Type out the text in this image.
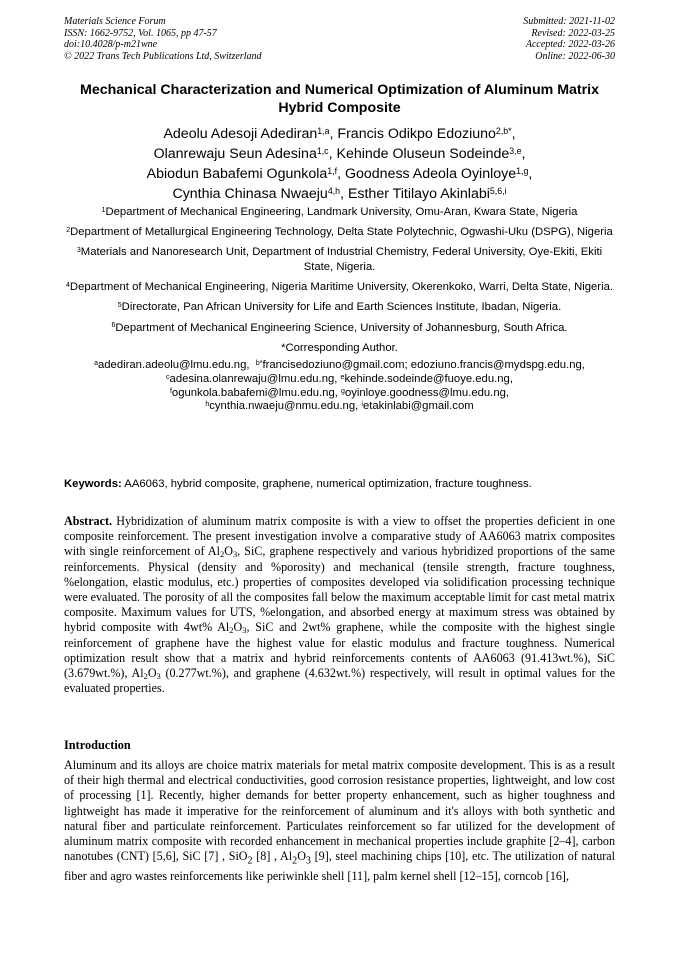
Materials Science Forum
ISSN: 1662-9752, Vol. 1065, pp 47-57
doi:10.4028/p-m21wne
© 2022 Trans Tech Publications Ltd, Switzerland
Submitted: 2021-11-02
Revised: 2022-03-25
Accepted: 2022-03-26
Online: 2022-06-30
Mechanical Characterization and Numerical Optimization of Aluminum Matrix Hybrid Composite
Adeolu Adesoji Adediran$^{1,a}$, Francis Odikpo Edoziuno$^{2,b*}$,
Olanrewaju Seun Adesina$^{1,c}$, Kehinde Oluseun Sodeinde$^{3,e}$,
Abiodun Babafemi Ogunkola$^{1,f}$, Goodness Adeola Oyinloye$^{1,g}$,
Cynthia Chinasa Nwaeju$^{4,h}$, Esther Titilayo Akinlabi$^{5,6,i}$
$^1$Department of Mechanical Engineering, Landmark University, Omu-Aran, Kwara State, Nigeria
$^2$Department of Metallurgical Engineering Technology, Delta State Polytechnic, Ogwashi-Uku (DSPG), Nigeria
$^3$Materials and Nanoresearch Unit, Department of Industrial Chemistry, Federal University, Oye-Ekiti, Ekiti State, Nigeria.
$^4$Department of Mechanical Engineering, Nigeria Maritime University, Okerenkoko, Warri, Delta State, Nigeria.
$^5$Directorate, Pan African University for Life and Earth Sciences Institute, Ibadan, Nigeria.
$^6$Department of Mechanical Engineering Science, University of Johannesburg, South Africa.
*Corresponding Author.
$^a$adediran.adeolu@lmu.edu.ng, $^{b*}$francisedoziuno@gmail.com; edoziuno.francis@mydspg.edu.ng,
$^c$adesina.olanrewaju@lmu.edu.ng, $^e$kehinde.sodeinde@fuoye.edu.ng,
$^f$ogunkola.babafemi@lmu.edu.ng, $^g$oyinloye.goodness@lmu.edu.ng,
$^h$cynthia.nwaeju@nmu.edu.ng, $^i$etakinlabi@gmail.com
Keywords: AA6063, hybrid composite, graphene, numerical optimization, fracture toughness.
Abstract. Hybridization of aluminum matrix composite is with a view to offset the properties deficient in one composite reinforcement. The present investigation involve a comparative study of AA6063 matrix composites with single reinforcement of $Al_2O_3$, SiC, graphene respectively and various hybridized proportions of the same reinforcements. Physical (density and %porosity) and mechanical (tensile strength, fracture toughness, %elongation, elastic modulus, etc.) properties of composites developed via solidification processing technique were evaluated. The porosity of all the composites fall below the maximum acceptable limit for cast metal matrix composite. Maximum values for UTS, %elongation, and absorbed energy at maximum stress was obtained by hybrid composite with 4wt% $Al_2O_3$, SiC and 2wt% graphene, while the composite with the highest single reinforcement of graphene have the highest value for elastic modulus and fracture toughness. Numerical optimization result show that a matrix and hybrid reinforcements contents of AA6063 (91.413wt.%), SiC (3.679wt.%), $Al_2O_3$ (0.277wt.%), and graphene (4.632wt.%) respectively, will result in optimal values for the evaluated properties.
Introduction
Aluminum and its alloys are choice matrix materials for metal matrix composite development. This is as a result of their high thermal and electrical conductivities, good corrosion resistance properties, lightweight, and low cost of processing [1]. Recently, higher demands for better property enhancement, such as higher toughness and lightweight has made it imperative for the reinforcement of aluminum and it's alloys with both synthetic and natural fiber and particulate reinforcement. Particulates reinforcement so far utilized for the development of aluminum matrix composite with recorded enhancement in mechanical properties include graphite [2–4], carbon nanotubes (CNT) [5,6], SiC [7] , SiO$_2$ [8] , $Al_2O_3$ [9], steel machining chips [10], etc. The utilization of natural fiber and agro wastes reinforcements like periwinkle shell [11], palm kernel shell [12–15], corncob [16],
